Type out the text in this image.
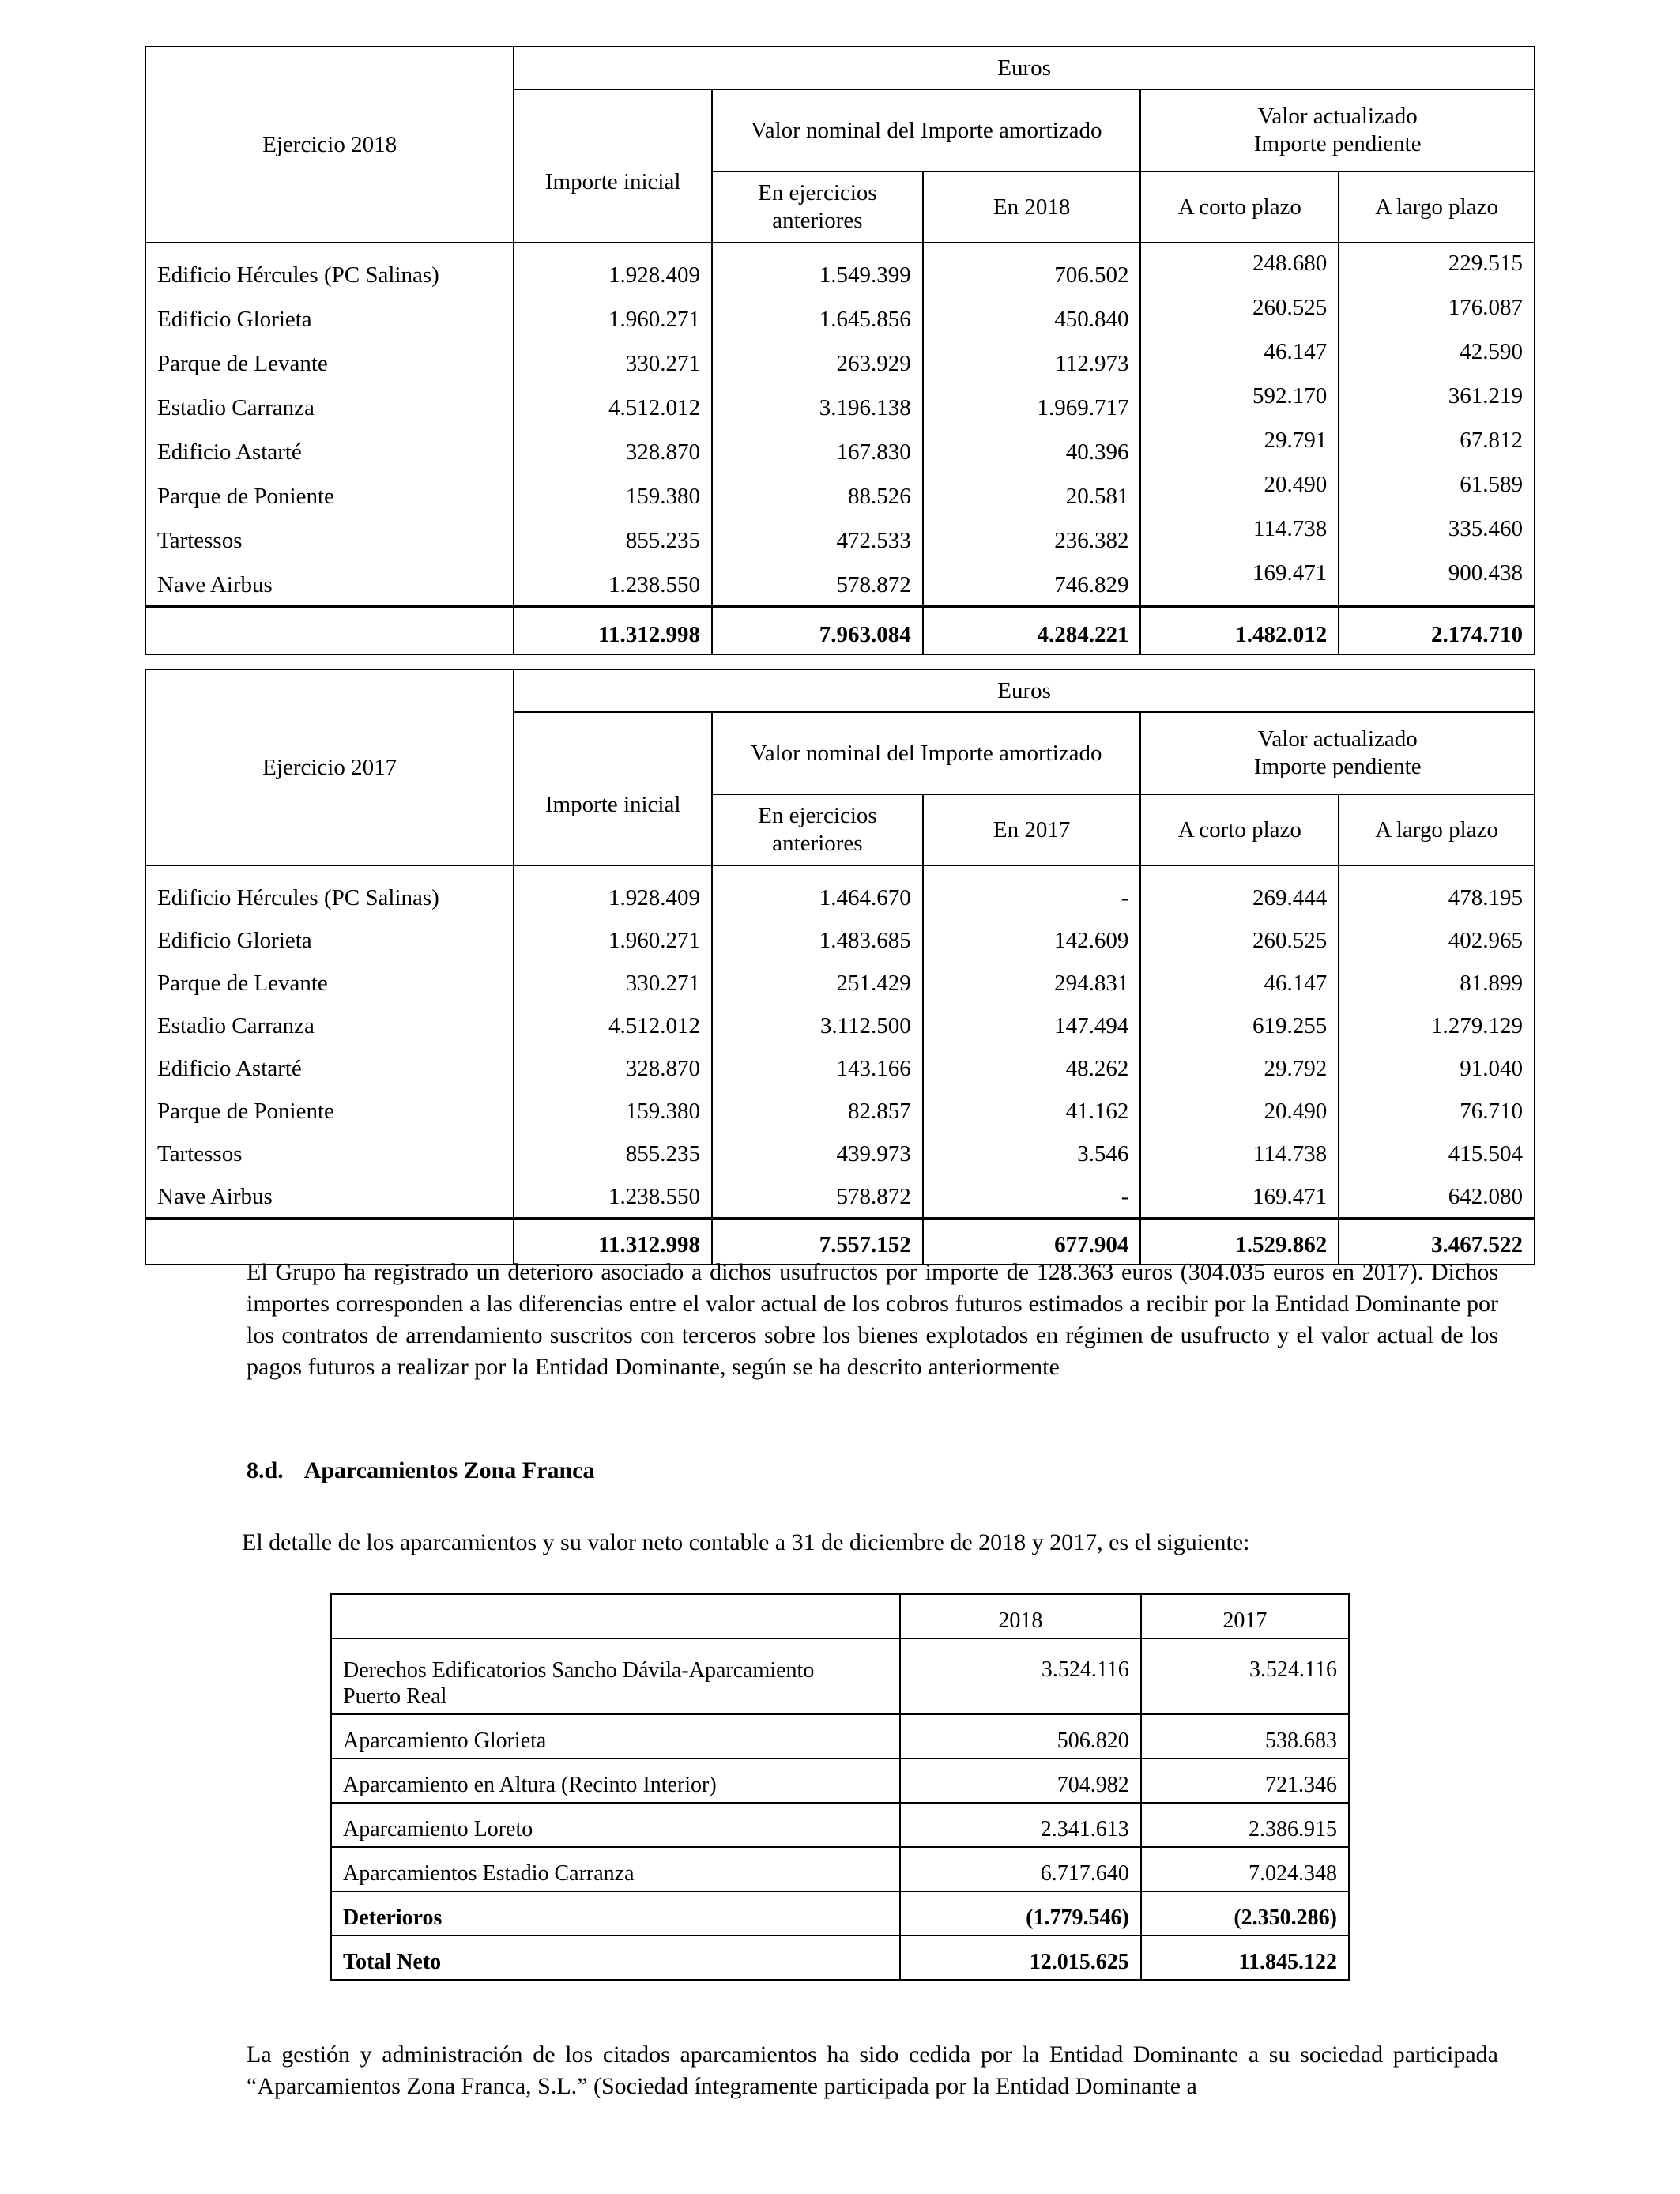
Ejercicio 2018	Euros				
	Importe inicial	Valor nominal del Importe amortizado		Valor actualizado
Importe pendiente	
		En ejercicios
anteriores	En 2018	A corto plazo	A largo plazo
Edificio Hércules (PC Salinas)	1.928.409	1.549.399	706.502	248.680	229.515
Edificio Glorieta	1.960.271	1.645.856	450.840	260.525	176.087
Parque de Levante	330.271	263.929	112.973	46.147	42.590
Estadio Carranza	4.512.012	3.196.138	1.969.717	592.170	361.219
Edificio Astarté	328.870	167.830	40.396	29.791	67.812
Parque de Poniente	159.380	88.526	20.581	20.490	61.589
Tartessos	855.235	472.533	236.382	114.738	335.460
Nave Airbus	1.238.550	578.872	746.829	169.471	900.438
	11.312.998	7.963.084	4.284.221	1.482.012	2.174.710
Ejercicio 2017	Euros				
	Importe inicial	Valor nominal del Importe amortizado		Valor actualizado
Importe pendiente	
		En ejercicios
anteriores	En 2017	A corto plazo	A largo plazo
Edificio Hércules (PC Salinas)	1.928.409	1.464.670	-	269.444	478.195
Edificio Glorieta	1.960.271	1.483.685	142.609	260.525	402.965
Parque de Levante	330.271	251.429	294.831	46.147	81.899
Estadio Carranza	4.512.012	3.112.500	147.494	619.255	1.279.129
Edificio Astarté	328.870	143.166	48.262	29.792	91.040
Parque de Poniente	159.380	82.857	41.162	20.490	76.710
Tartessos	855.235	439.973	3.546	114.738	415.504
Nave Airbus	1.238.550	578.872	-	169.471	642.080
	11.312.998	7.557.152	677.904	1.529.862	3.467.522

El Grupo ha registrado un deterioro asociado a dichos usufructos por importe de 128.363 euros (304.035 euros en 2017). Dichos importes corresponden a las diferencias entre el valor actual de los cobros futuros estimados a recibir por la Entidad Dominante por los contratos de arrendamiento suscritos con terceros sobre los bienes explotados en régimen de usufructo y el valor actual de los pagos futuros a realizar por la Entidad Dominante, según se ha descrito anteriormente

8.d. Aparcamientos Zona Franca

El detalle de los aparcamientos y su valor neto contable a 31 de diciembre de 2018 y 2017, es el siguiente:

	2018	2017
Derechos Edificatorios Sancho Dávila-Aparcamiento
Puerto Real	3.524.116	3.524.116
Aparcamiento Glorieta	506.820	538.683
Aparcamiento en Altura (Recinto Interior)	704.982	721.346
Aparcamiento Loreto	2.341.613	2.386.915
Aparcamientos Estadio Carranza	6.717.640	7.024.348
Deterioros	(1.779.546)	(2.350.286)
Total Neto	12.015.625	11.845.122

La gestión y administración de los citados aparcamientos ha sido cedida por la Entidad Dominante a su sociedad participada “Aparcamientos Zona Franca, S.L.” (Sociedad íntegramente participada por la Entidad Dominante a
